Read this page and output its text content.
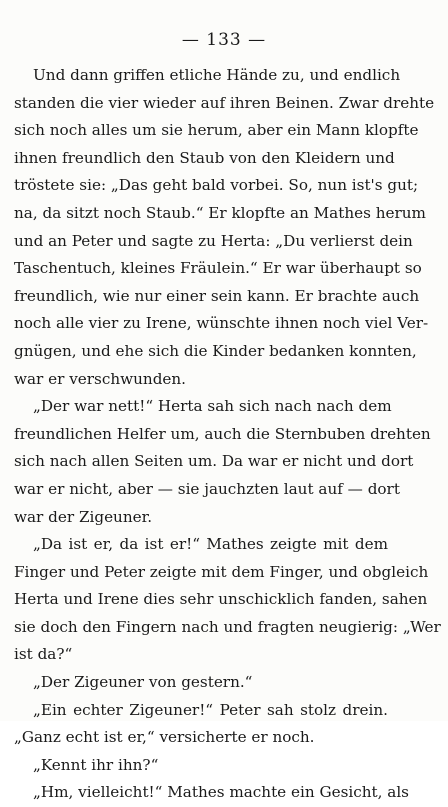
— 133 —
Und dann griffen etliche Hände zu, und endlich
standen die vier wieder auf ihren Beinen. Zwar drehte
sich noch alles um sie herum, aber ein Mann klopfte
ihnen freundlich den Staub von den Kleidern und
tröstete sie: „Das geht bald vorbei. So, nun ist's gut;
na, da sitzt noch Staub.“ Er klopfte an Mathes herum
und an Peter und sagte zu Herta: „Du verlierst dein
Taschentuch, kleines Fräulein.“ Er war überhaupt so
freundlich, wie nur einer sein kann. Er brachte auch
noch alle vier zu Irene, wünschte ihnen noch viel Ver-
gnügen, und ehe sich die Kinder bedanken konnten,
war er verschwunden.
„Der war nett!“ Herta sah sich nach nach dem
freundlichen Helfer um, auch die Sternbuben drehten
sich nach allen Seiten um. Da war er nicht und dort
war er nicht, aber — sie jauchzten laut auf — dort
war der Zigeuner.
„Da ist er, da ist er!“ Mathes zeigte mit dem
Finger und Peter zeigte mit dem Finger, und obgleich
Herta und Irene dies sehr unschicklich fanden, sahen
sie doch den Fingern nach und fragten neugierig: „Wer
ist da?“
„Der Zigeuner von gestern.“
„Ein echter Zigeuner!“ Peter sah stolz drein.
„Ganz echt ist er,“ versicherte er noch.
„Kennt ihr ihn?“
„Hm, vielleicht!“ Mathes machte ein Gesicht, als
